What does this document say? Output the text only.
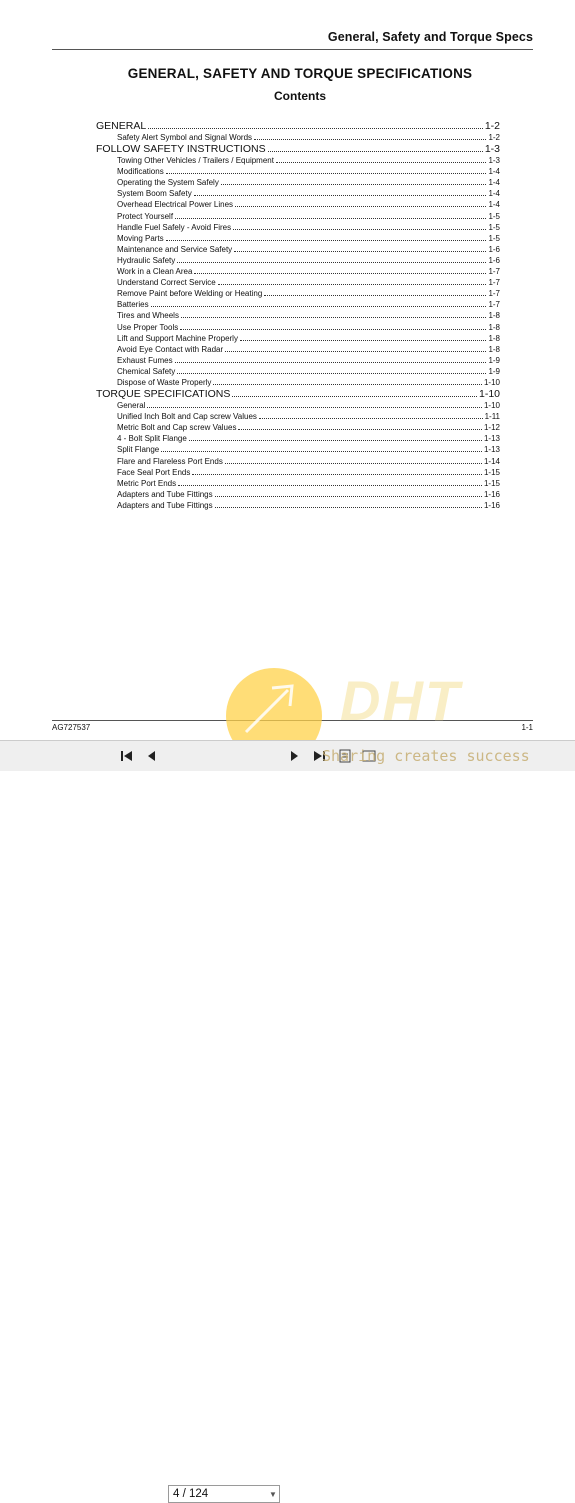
General, Safety and Torque Specs
GENERAL, SAFETY AND TORQUE SPECIFICATIONS
Contents
GENERAL	1-2
Safety Alert Symbol and Signal Words	1-2
FOLLOW SAFETY INSTRUCTIONS	1-3
Towing Other Vehicles / Trailers / Equipment	1-3
Modifications	1-4
Operating the System Safely	1-4
System Boom Safety	1-4
Overhead Electrical Power Lines	1-4
Protect Yourself	1-5
Handle Fuel Safely - Avoid Fires	1-5
Moving Parts	1-5
Maintenance and Service Safety	1-6
Hydraulic Safety	1-6
Work in a Clean Area	1-7
Understand Correct Service	1-7
Remove Paint before Welding or Heating	1-7
Batteries	1-7
Tires and Wheels	1-8
Use Proper Tools	1-8
Lift and Support Machine Properly	1-8
Avoid Eye Contact with Radar	1-8
Exhaust Fumes	1-9
Chemical Safety	1-9
Dispose of Waste Properly	1-10
TORQUE SPECIFICATIONS	1-10
General	1-10
Unified Inch Bolt and Cap screw Values	1-11
Metric Bolt and Cap screw Values	1-12
4 - Bolt Split Flange	1-13
Split Flange	1-13
Flare and Flareless Port Ends	1-14
Face Seal Port Ends	1-15
Metric Port Ends	1-15
Adapters and Tube Fittings	1-16
Adapters and Tube Fittings	1-16
AG727537	1-1
DHT
4 / 124	▼
Sharing creates success
